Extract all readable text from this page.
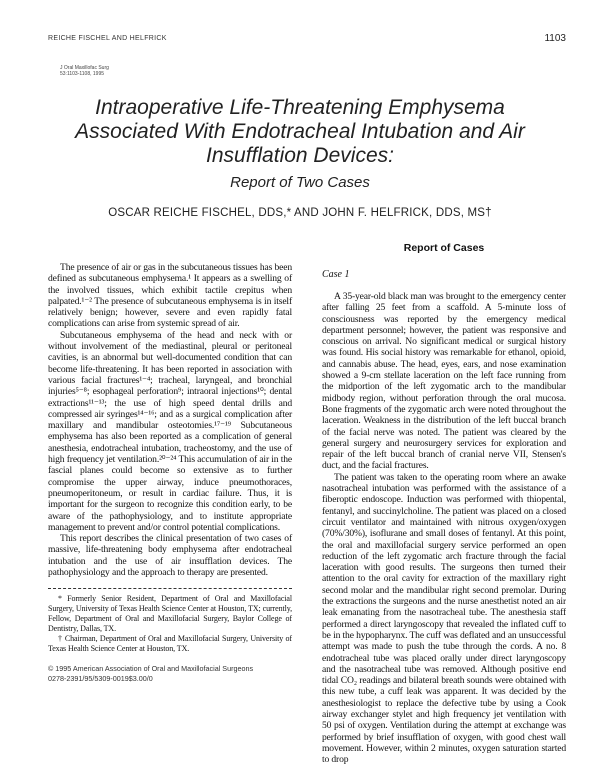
REICHE FISCHEL AND HELFRICK	1103
J Oral Maxillofac Surg
53:1103-1108, 1995
Intraoperative Life-Threatening Emphysema Associated With Endotracheal Intubation and Air Insufflation Devices:
Report of Two Cases
OSCAR REICHE FISCHEL, DDS,* AND JOHN F. HELFRICK, DDS, MS†

The presence of air or gas in the subcutaneous tissues has been defined as subcutaneous emphysema.¹ It appears as a swelling of the involved tissues, which exhibit tactile crepitus when palpated.¹⁻² The presence of subcutaneous emphysema is in itself relatively benign; however, severe and even rapidly fatal complications can arise from systemic spread of air.

Subcutaneous emphysema of the head and neck with or without involvement of the mediastinal, pleural or peritoneal cavities, is an abnormal but well-documented condition that can become life-threatening. It has been reported in association with various facial fractures¹⁻⁴; tracheal, laryngeal, and bronchial injuries⁵⁻⁸; esophageal perforation⁹; intraoral injections¹⁰; dental extractions¹¹⁻¹³; the use of high speed dental drills and compressed air syringes¹⁴⁻¹⁶; and as a surgical complication after maxillary and mandibular osteotomies.¹⁷⁻¹⁹ Subcutaneous emphysema has also been reported as a complication of general anesthesia, endotracheal intubation, tracheostomy, and the use of high frequency jet ventilation.²⁰⁻²⁴ This accumulation of air in the fascial planes could become so extensive as to further compromise the upper airway, induce pneumothoraces, pneumoperitoneum, or result in cardiac failure. Thus, it is important for the surgeon to recognize this condition early, to be aware of the pathophysiology, and to institute appropriate management to prevent and/or control potential complications.

This report describes the clinical presentation of two cases of massive, life-threatening body emphysema after endotracheal intubation and the use of air insufflation devices. The pathophysiology and the approach to therapy are presented.

* Formerly Senior Resident, Department of Oral and Maxillofacial Surgery, University of Texas Health Science Center at Houston, TX; currently, Fellow, Department of Oral and Maxillofacial Surgery, Baylor College of Dentistry, Dallas, TX.

† Chairman, Department of Oral and Maxillofacial Surgery, University of Texas Health Science Center at Houston, TX.

© 1995 American Association of Oral and Maxillofacial Surgeons
0278-2391/95/5309-0019$3.00/0
Report of Cases
Case 1

A 35-year-old black man was brought to the emergency center after falling 25 feet from a scaffold. A 5-minute loss of consciousness was reported by the emergency medical department personnel; however, the patient was responsive and conscious on arrival. No significant medical or surgical history was found. His social history was remarkable for ethanol, opioid, and cannabis abuse. The head, eyes, ears, and nose examination showed a 9-cm stellate laceration on the left face running from the midportion of the left zygomatic arch to the mandibular midbody region, without perforation through the oral mucosa. Bone fragments of the zygomatic arch were noted throughout the laceration. Weakness in the distribution of the left buccal branch of the facial nerve was noted. The patient was cleared by the general surgery and neurosurgery services for exploration and repair of the left buccal branch of cranial nerve VII, Stensen's duct, and the facial fractures.

The patient was taken to the operating room where an awake nasotracheal intubation was performed with the assistance of a fiberoptic endoscope. Induction was performed with thiopental, fentanyl, and succinylcholine. The patient was placed on a closed circuit ventilator and maintained with nitrous oxygen/oxygen (70%/30%), isoflurane and small doses of fentanyl. At this point, the oral and maxillofacial surgery service performed an open reduction of the left zygomatic arch fracture through the facial laceration with good results. The surgeons then turned their attention to the oral cavity for extraction of the maxillary right second molar and the mandibular right second premolar. During the extractions the surgeons and the nurse anesthetist noted an air leak emanating from the nasotracheal tube. The anesthesia staff performed a direct laryngoscopy that revealed the inflated cuff to be in the hypopharynx. The cuff was deflated and an unsuccessful attempt was made to push the tube through the cords. A no. 8 endotracheal tube was placed orally under direct laryngoscopy and the nasotracheal tube was removed. Although positive end tidal CO₂ readings and bilateral breath sounds were obtained with this new tube, a cuff leak was apparent. It was decided by the anesthesiologist to replace the defective tube by using a Cook airway exchanger stylet and high frequency jet ventilation with 50 psi of oxygen. Ventilation during the attempt at exchange was performed by brief insufflation of oxygen, with good chest wall movement. However, within 2 minutes, oxygen saturation started to drop
